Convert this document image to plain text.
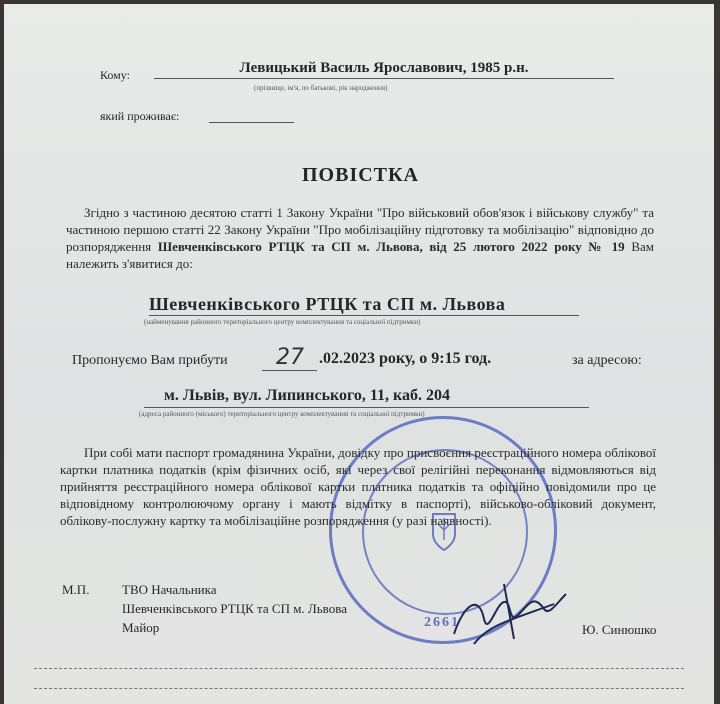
Кому:	Левицький Василь Ярославович, 1985 р.н.
(прізвище, ім'я, по батькові, рік народження)
який проживає:
ПОВІСТКА
Згідно з частиною десятою статті 1 Закону України "Про військовий обов'язок і військову службу" та частиною першою статті 22 Закону України "Про мобілізаційну підготовку та мобілізацію" відповідно до розпорядження Шевченківського РТЦК та СП м. Львова, від 25 лютого 2022 року № 19 Вам належить з'явитися до:
Шевченківського РТЦК та СП м. Львова
(найменування районного територіального центру комплектування та соціальної підтримки)
Пропонуємо Вам прибути 27 .02.2023 року, о 9:15 год.	за адресою:
м. Львів, вул. Липинського, 11, каб. 204
(адреса районного (міського) територіального центру комплектування та соціальної підтримки)
2661
При собі мати паспорт громадянина України, довідку про присвоєння реєстраційного номера облікової картки платника податків (крім фізичних осіб, які через свої релігійні переконання відмовляються від прийняття реєстраційного номера облікової картки платника податків та офіційно повідомили про це відповідному контролюючому органу і мають відмітку в паспорті), військово-обліковий документ, облікову-послужну картку та мобілізаційне розпорядження (у разі наявності).
М.П.	ТВО Начальника
Шевченківського РТЦК та СП м. Львова
Майор	Ю. Синюшко
